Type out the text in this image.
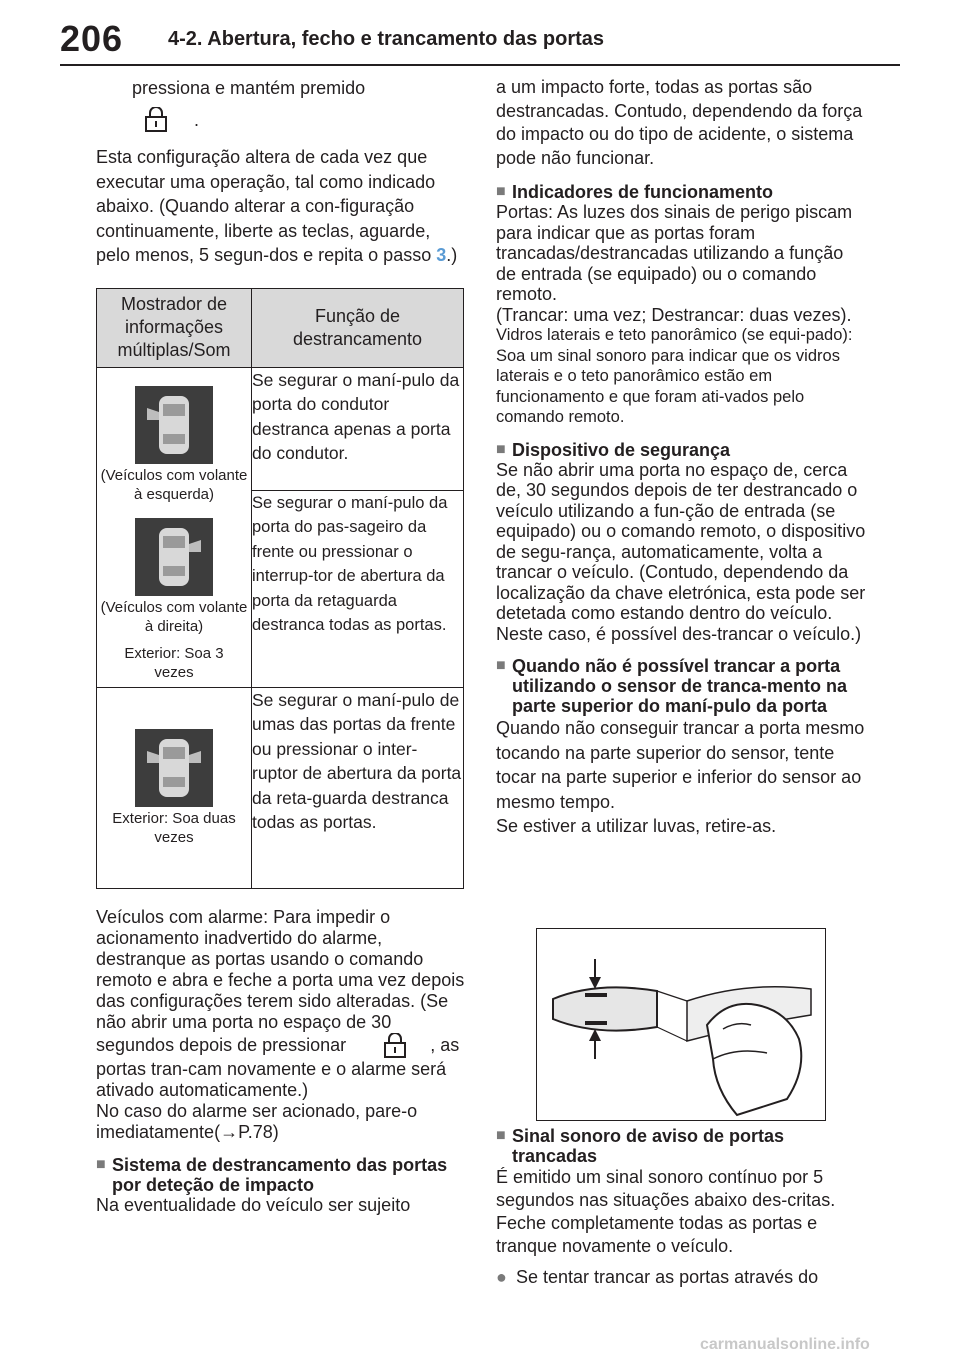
206 4-2. Abertura, fecho e trancamento das portas

pressiona e mantém premido

.

Esta configuração altera de cada vez que executar uma operação, tal como indicado abaixo. (Quando alterar a con-figuração continuamente, liberte as teclas, aguarde, pelo menos, 5 segun-dos e repita o passo 3.)

Mostrador de informações múltiplas/Som	Função de destrancamento

(Veículos com volante à esquerda)
(Veículos com volante à direita)
Exterior: Soa 3 vezes	Se segurar o maní-pulo da porta do condutor destranca apenas a porta do condutor.
	Se segurar o maní-pulo da porta do pas-sageiro da frente ou pressionar o interrup-tor de abertura da porta da retaguarda destranca todas as portas.

Exterior: Soa duas vezes	Se segurar o maní-pulo de umas das portas da frente ou pressionar o inter-ruptor de abertura da porta da reta-guarda destranca todas as portas.

Veículos com alarme: Para impedir o acionamento inadvertido do alarme, destranque as portas usando o comando remoto e abra e feche a porta uma vez depois das configurações terem sido alteradas. (Se não abrir uma porta no espaço de 30 segundos depois de pressionar	, as portas tran-cam novamente e o alarme será ativado automaticamente.)

No caso do alarme ser acionado, pare-o imediatamente(→P.78)

■ Sistema de destrancamento das portas por deteção de impacto

Na eventualidade do veículo ser sujeito

a um impacto forte, todas as portas são destrancadas. Contudo, dependendo da força do impacto ou do tipo de acidente, o sistema pode não funcionar.

■ Indicadores de funcionamento

Portas: As luzes dos sinais de perigo piscam para indicar que as portas foram trancadas/destrancadas utilizando a função de entrada (se equipado) ou o comando remoto.

(Trancar: uma vez; Destrancar: duas vezes).

Vidros laterais e teto panorâmico (se equi-pado): Soa um sinal sonoro para indicar que os vidros laterais e o teto panorâmico estão em funcionamento e que foram ati-vados pelo comando remoto.

■ Dispositivo de segurança

Se não abrir uma porta no espaço de, cerca de, 30 segundos depois de ter destrancado o veículo utilizando a fun-ção de entrada (se equipado) ou o comando remoto, o dispositivo de segu-rança, automaticamente, volta a trancar o veículo. (Contudo, dependendo da localização da chave eletrónica, esta pode ser detetada como estando dentro do veículo. Neste caso, é possível des-trancar o veículo.)

■ Quando não é possível trancar a porta utilizando o sensor de tranca-mento na parte superior do maní-pulo da porta

Quando não conseguir trancar a porta mesmo tocando na parte superior do sensor, tente tocar na parte superior e inferior do sensor ao mesmo tempo.

Se estiver a utilizar luvas, retire-as.

■ Sinal sonoro de aviso de portas trancadas

É emitido um sinal sonoro contínuo por 5 segundos nas situações abaixo des-critas. Feche completamente todas as portas e tranque novamente o veículo.

● Se tentar trancar as portas através do
carmanualsonline.info
